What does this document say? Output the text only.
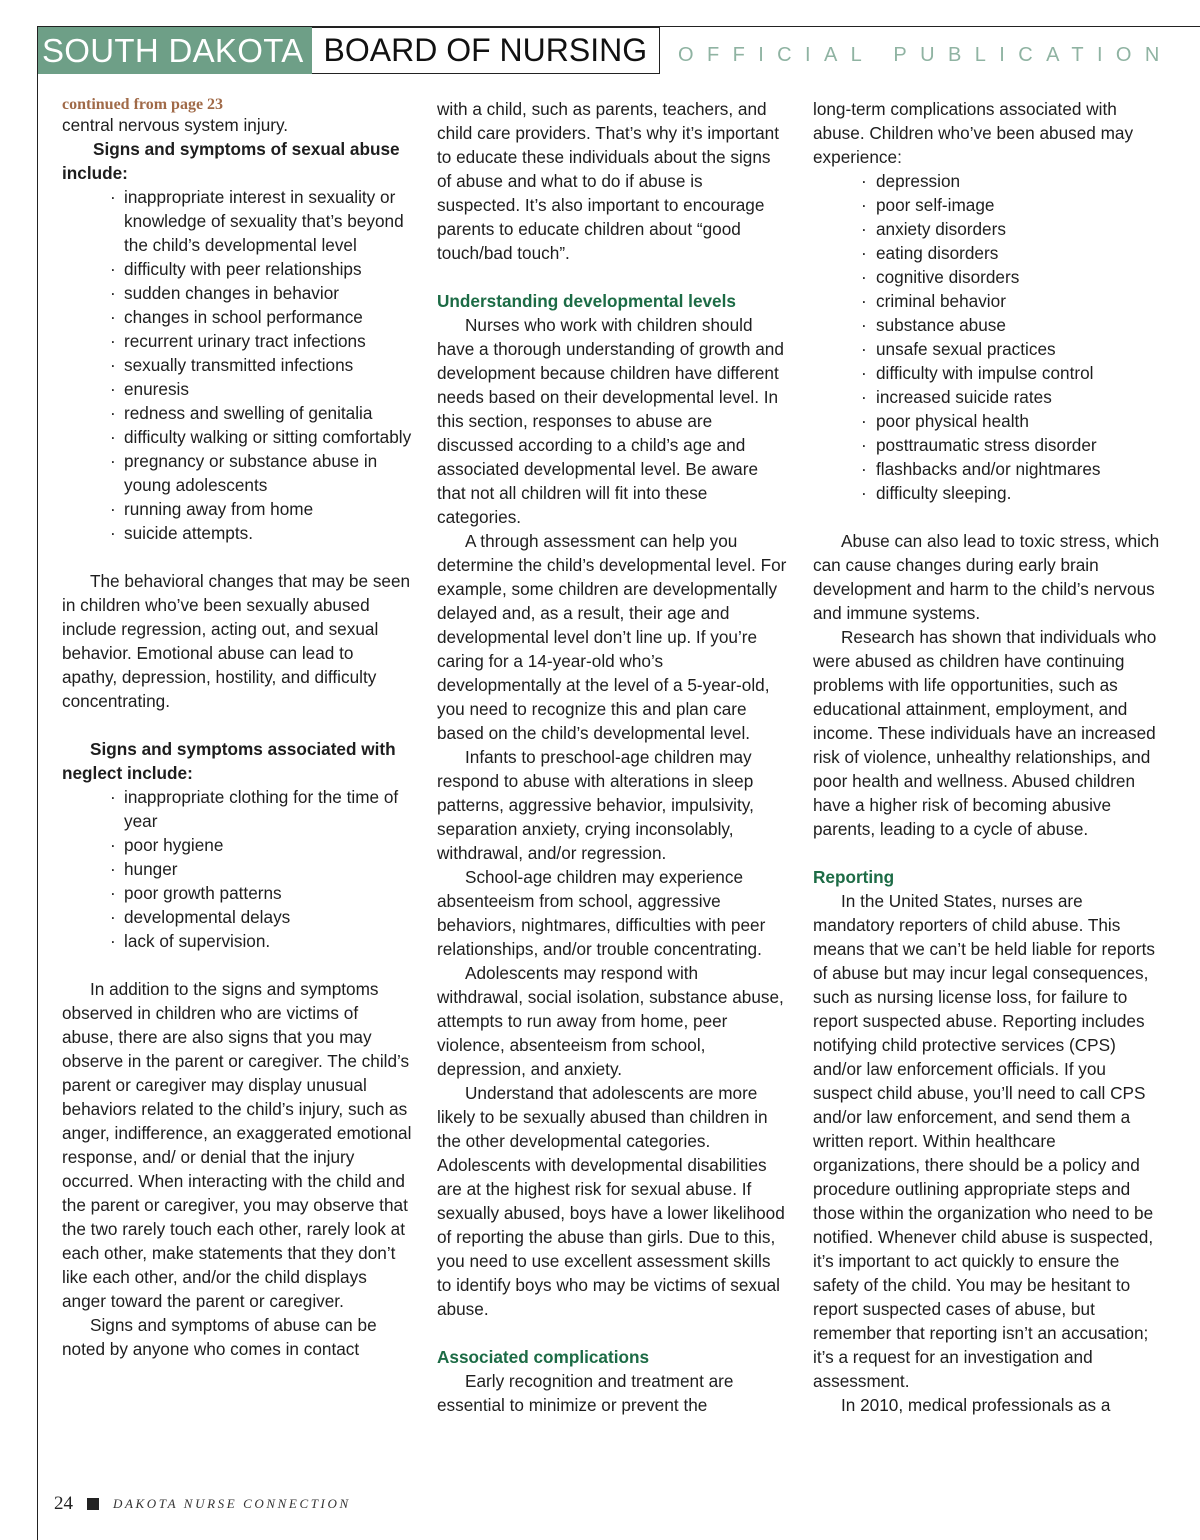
SOUTH DAKOTA BOARD OF NURSING	OFFICIAL PUBLICATION

continued from page 23

central nervous system injury.

Signs and symptoms of sexual abuse include:

· inappropriate interest in sexuality or knowledge of sexuality that’s beyond the child’s developmental level
· difficulty with peer relationships
· sudden changes in behavior
· changes in school performance
· recurrent urinary tract infections
· sexually transmitted infections
· enuresis
· redness and swelling of genitalia
· difficulty walking or sitting comfortably
· pregnancy or substance abuse in young adolescents
· running away from home
· suicide attempts.

The behavioral changes that may be seen in children who’ve been sexually abused include regression, acting out, and sexual behavior. Emotional abuse can lead to apathy, depression, hostility, and difficulty concentrating.

Signs and symptoms associated with neglect include:

· inappropriate clothing for the time of year
· poor hygiene
· hunger
· poor growth patterns
· developmental delays
· lack of supervision.

In addition to the signs and symptoms observed in children who are victims of abuse, there are also signs that you may observe in the parent or caregiver. The child’s parent or caregiver may display unusual behaviors related to the child’s injury, such as anger, indifference, an exaggerated emotional response, and/ or denial that the injury occurred. When interacting with the child and the parent or caregiver, you may observe that the two rarely touch each other, rarely look at each other, make statements that they don’t like each other, and/or the child displays anger toward the parent or caregiver.

Signs and symptoms of abuse can be noted by anyone who comes in contact

with a child, such as parents, teachers, and child care providers. That’s why it’s important to educate these individuals about the signs of abuse and what to do if abuse is suspected. It’s also important to encourage parents to educate children about “good touch/bad touch”.

Understanding developmental levels

Nurses who work with children should have a thorough understanding of growth and development because children have different needs based on their developmental level. In this section, responses to abuse are discussed according to a child’s age and associated developmental level. Be aware that not all children will fit into these categories.

A through assessment can help you determine the child’s developmental level. For example, some children are developmentally delayed and, as a result, their age and developmental level don’t line up. If you’re caring for a 14-year-old who’s developmentally at the level of a 5-year-old, you need to recognize this and plan care based on the child’s developmental level.

Infants to preschool-age children may respond to abuse with alterations in sleep patterns, aggressive behavior, impulsivity, separation anxiety, crying inconsolably, withdrawal, and/or regression.

School-age children may experience absenteeism from school, aggressive behaviors, nightmares, difficulties with peer relationships, and/or trouble concentrating.

Adolescents may respond with withdrawal, social isolation, substance abuse, attempts to run away from home, peer violence, absenteeism from school, depression, and anxiety.

Understand that adolescents are more likely to be sexually abused than children in the other developmental categories. Adolescents with developmental disabilities are at the highest risk for sexual abuse. If sexually abused, boys have a lower likelihood of reporting the abuse than girls. Due to this, you need to use excellent assessment skills to identify boys who may be victims of sexual abuse.

Associated complications

Early recognition and treatment are essential to minimize or prevent the

long-term complications associated with abuse. Children who’ve been abused may experience:

· depression
· poor self-image
· anxiety disorders
· eating disorders
· cognitive disorders
· criminal behavior
· substance abuse
· unsafe sexual practices
· difficulty with impulse control
· increased suicide rates
· poor physical health
· posttraumatic stress disorder
· flashbacks and/or nightmares
· difficulty sleeping.

Abuse can also lead to toxic stress, which can cause changes during early brain development and harm to the child’s nervous and immune systems.

Research has shown that individuals who were abused as children have continuing problems with life opportunities, such as educational attainment, employment, and income. These individuals have an increased risk of violence, unhealthy relationships, and poor health and wellness. Abused children have a higher risk of becoming abusive parents, leading to a cycle of abuse.

Reporting

In the United States, nurses are mandatory reporters of child abuse. This means that we can’t be held liable for reports of abuse but may incur legal consequences, such as nursing license loss, for failure to report suspected abuse. Reporting includes notifying child protective services (CPS) and/or law enforcement officials. If you suspect child abuse, you’ll need to call CPS and/or law enforcement, and send them a written report. Within healthcare organizations, there should be a policy and procedure outlining appropriate steps and those within the organization who need to be notified. Whenever child abuse is suspected, it’s important to act quickly to ensure the safety of the child. You may be hesitant to report suspected cases of abuse, but remember that reporting isn’t an accusation; it’s a request for an investigation and assessment.

In 2010, medical professionals as a

24	DAKOTA NURSE CONNECTION
